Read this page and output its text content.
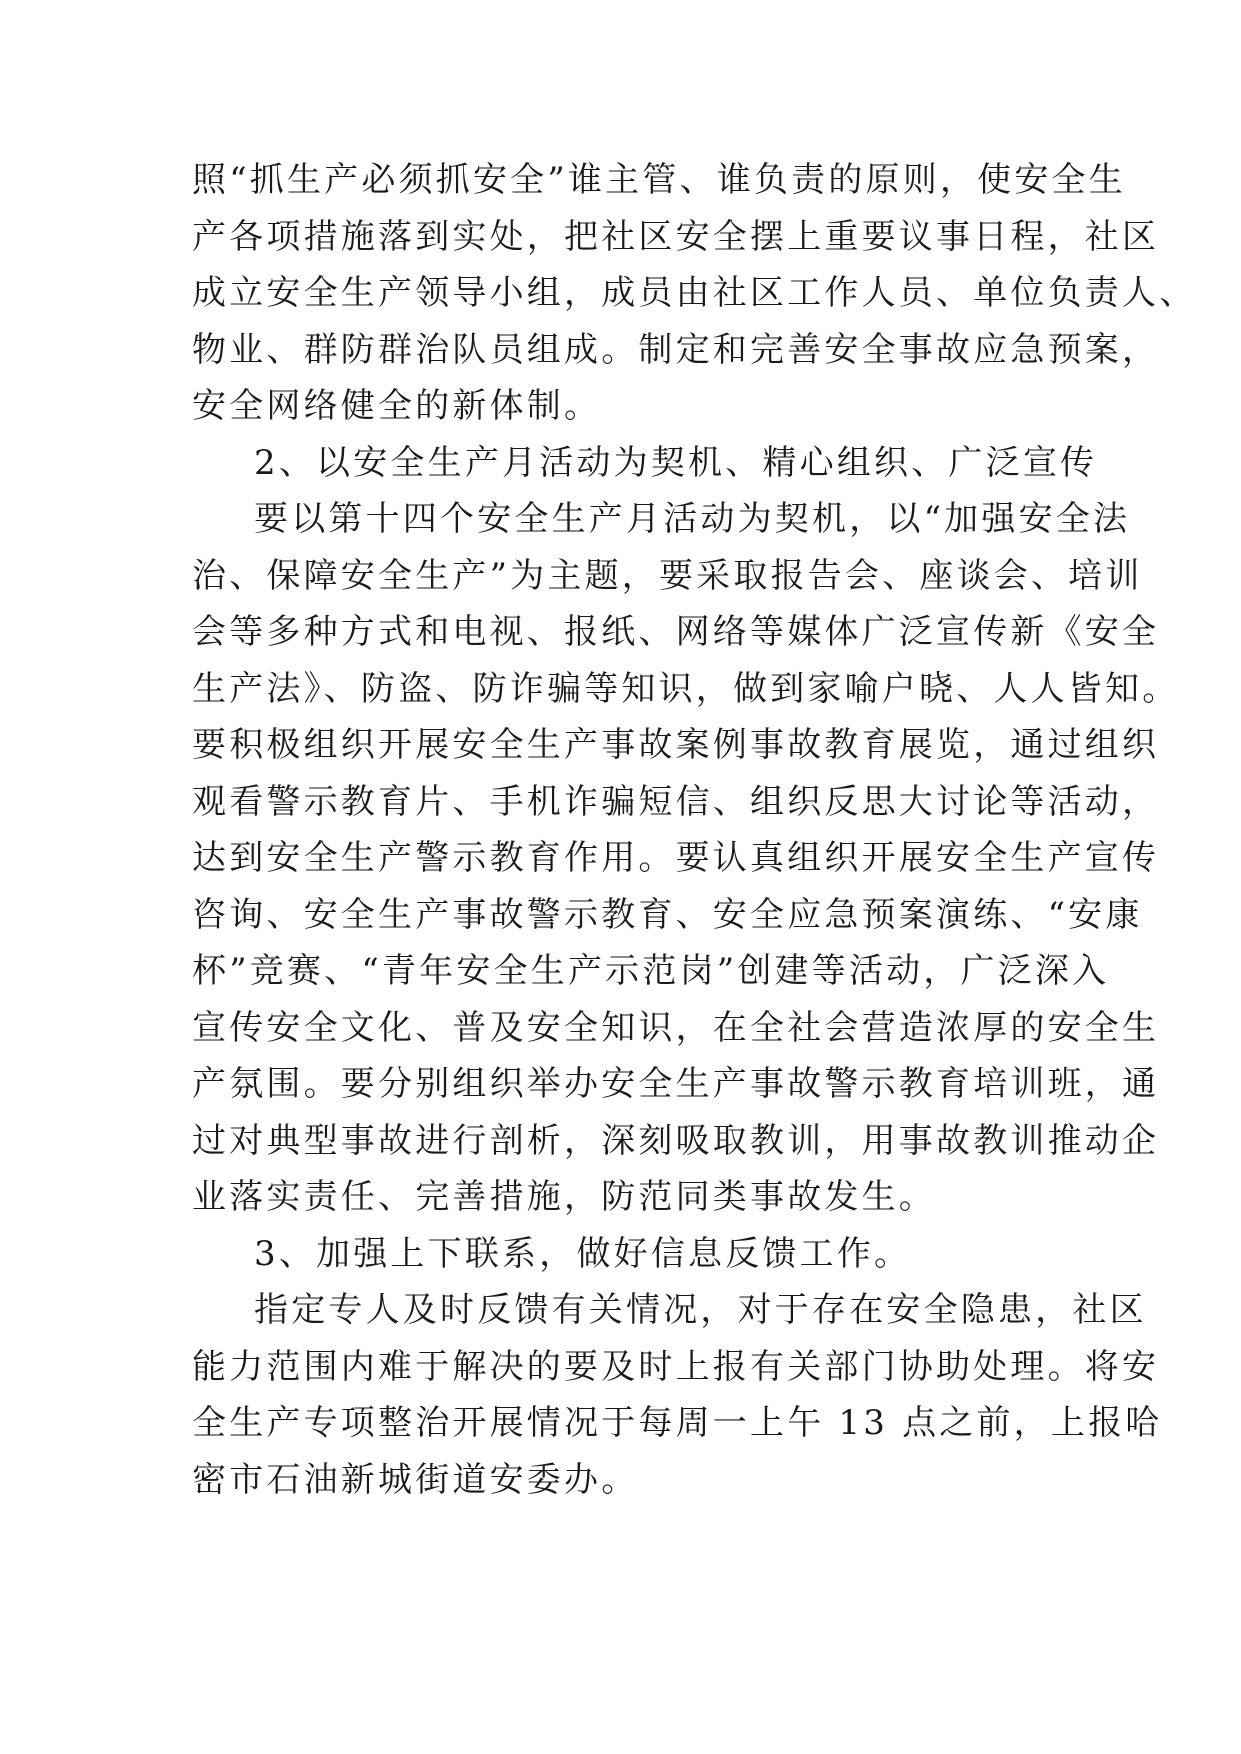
照“抓生产必须抓安全”谁主管、谁负责的原则，使安全生
产各项措施落到实处，把社区安全摆上重要议事日程，社区
成立安全生产领导小组，成员由社区工作人员、单位负责人、
物业、群防群治队员组成。制定和完善安全事故应急预案，
安全网络健全的新体制。
2、以安全生产月活动为契机、精心组织、广泛宣传
要以第十四个安全生产月活动为契机，以“加强安全法
治、保障安全生产”为主题，要采取报告会、座谈会、培训
会等多种方式和电视、报纸、网络等媒体广泛宣传新《安全
生产法》、防盗、防诈骗等知识，做到家喻户晓、人人皆知。
要积极组织开展安全生产事故案例事故教育展览，通过组织
观看警示教育片、手机诈骗短信、组织反思大讨论等活动，
达到安全生产警示教育作用。要认真组织开展安全生产宣传
咨询、安全生产事故警示教育、安全应急预案演练、“安康
杯”竞赛、“青年安全生产示范岗”创建等活动，广泛深入
宣传安全文化、普及安全知识，在全社会营造浓厚的安全生
产氛围。要分别组织举办安全生产事故警示教育培训班，通
过对典型事故进行剖析，深刻吸取教训，用事故教训推动企
业落实责任、完善措施，防范同类事故发生。
3、加强上下联系，做好信息反馈工作。
指定专人及时反馈有关情况，对于存在安全隐患，社区
能力范围内难于解决的要及时上报有关部门协助处理。将安
全生产专项整治开展情况于每周一上午 13 点之前，上报哈
密市石油新城街道安委办。
